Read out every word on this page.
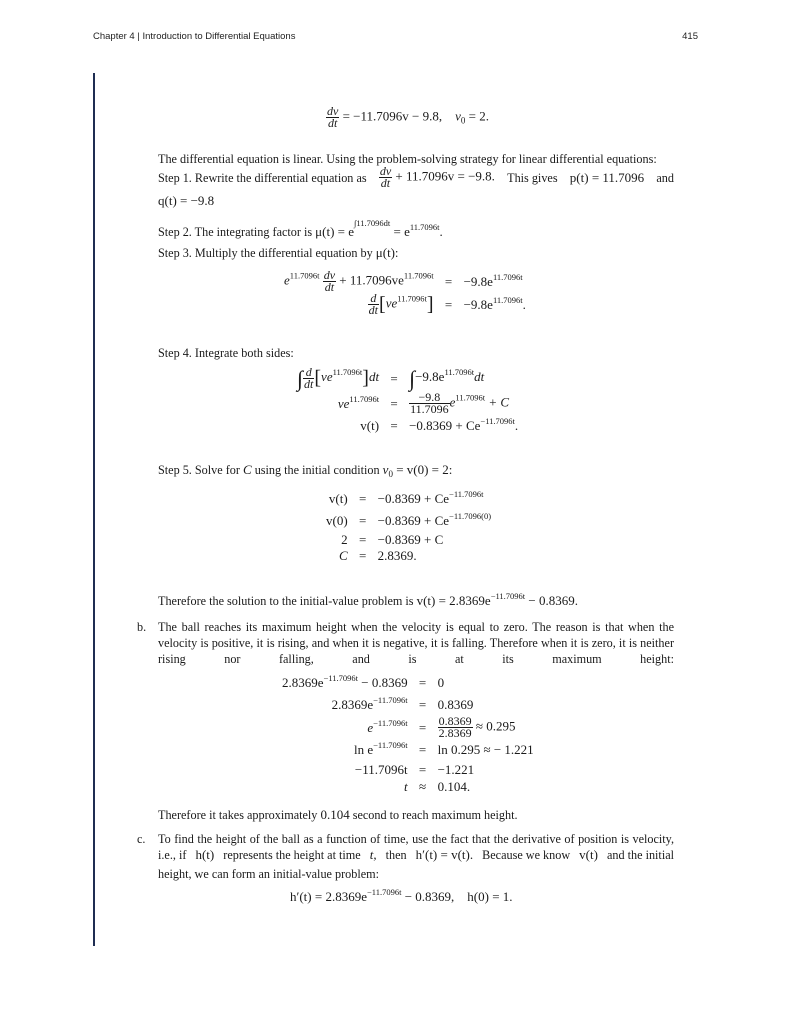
Chapter 4 | Introduction to Differential Equations	415
$\frac{dv}{dt} = -11.7096v - 9.8$, $v_0 = 2$.
The differential equation is linear. Using the problem-solving strategy for linear differential equations:
Step 1. Rewrite the differential equation as $\frac{dv}{dt} + 11.7096v = -9.8$. This gives p(t) = 11.7096 and
q(t) = −9.8
Step 2. The integrating factor is $\mu(t) = e^{\int 11.7096dt} = e^{11.7096t}$.
Step 3. Multiply the differential equation by μ(t):
$e^{11.7096t} \frac{dv}{dt} + 11.7096ve^{11.7096t}$	=	$-9.8e^{11.7096t}$

$\frac{d}{dt} [ve^{11.7096t}]$	=	$-9.8e^{11.7096t}$.
Step 4. Integrate both sides:
∫ $\frac{d}{dt} [ve^{11.7096t}]dt$	=	$\int-9.8e^{11.7096t}dt$
$ve^{11.7096t}$	=	$\frac{-9.8}{11.7096} e^{11.7096t} + C$
v(t)	=	$-0.8369 + Ce^{-11.7096t}$.
Step 5. Solve for C using the initial condition $v_0 = v(0) = 2$:
v(t)	=	$-0.8369 + Ce^{-11.7096t}$
v(0)	=	$-0.8369 + Ce^{-11.7096(0)}$
2	=	−0.8369 + C
C	=	2.8369.
Therefore the solution to the initial-value problem is $v(t) = 2.8369e^{-11.7096t} - 0.8369$.
b. The ball reaches its maximum height when the velocity is equal to zero. The reason is that when the velocity is positive, it is rising, and when it is negative, it is falling. Therefore when it is zero, it is neither rising nor falling, and is at its maximum height:
$2.8369e^{-11.7096t} - 0.8369$	=	0
$2.8369e^{-11.7096t}$	=	0.8369
$e^{-11.7096t}$	=	$\frac{0.8369}{2.8369} \approx 0.295$
$\ln e^{-11.7096t}$	=	ln 0.295 ≈ − 1.221
−11.7096t	=	−1.221
t	≈	0.104.
Therefore it takes approximately 0.104 second to reach maximum height.
c. To find the height of the ball as a function of time, use the fact that the derivative of position is velocity,
i.e., if h(t) represents the height at time t, then h′(t) = v(t). Because we know v(t) and the initial
height, we can form an initial-value problem:
$h'(t) = 2.8369e^{-11.7096t} - 0.8369$, h(0) = 1.
